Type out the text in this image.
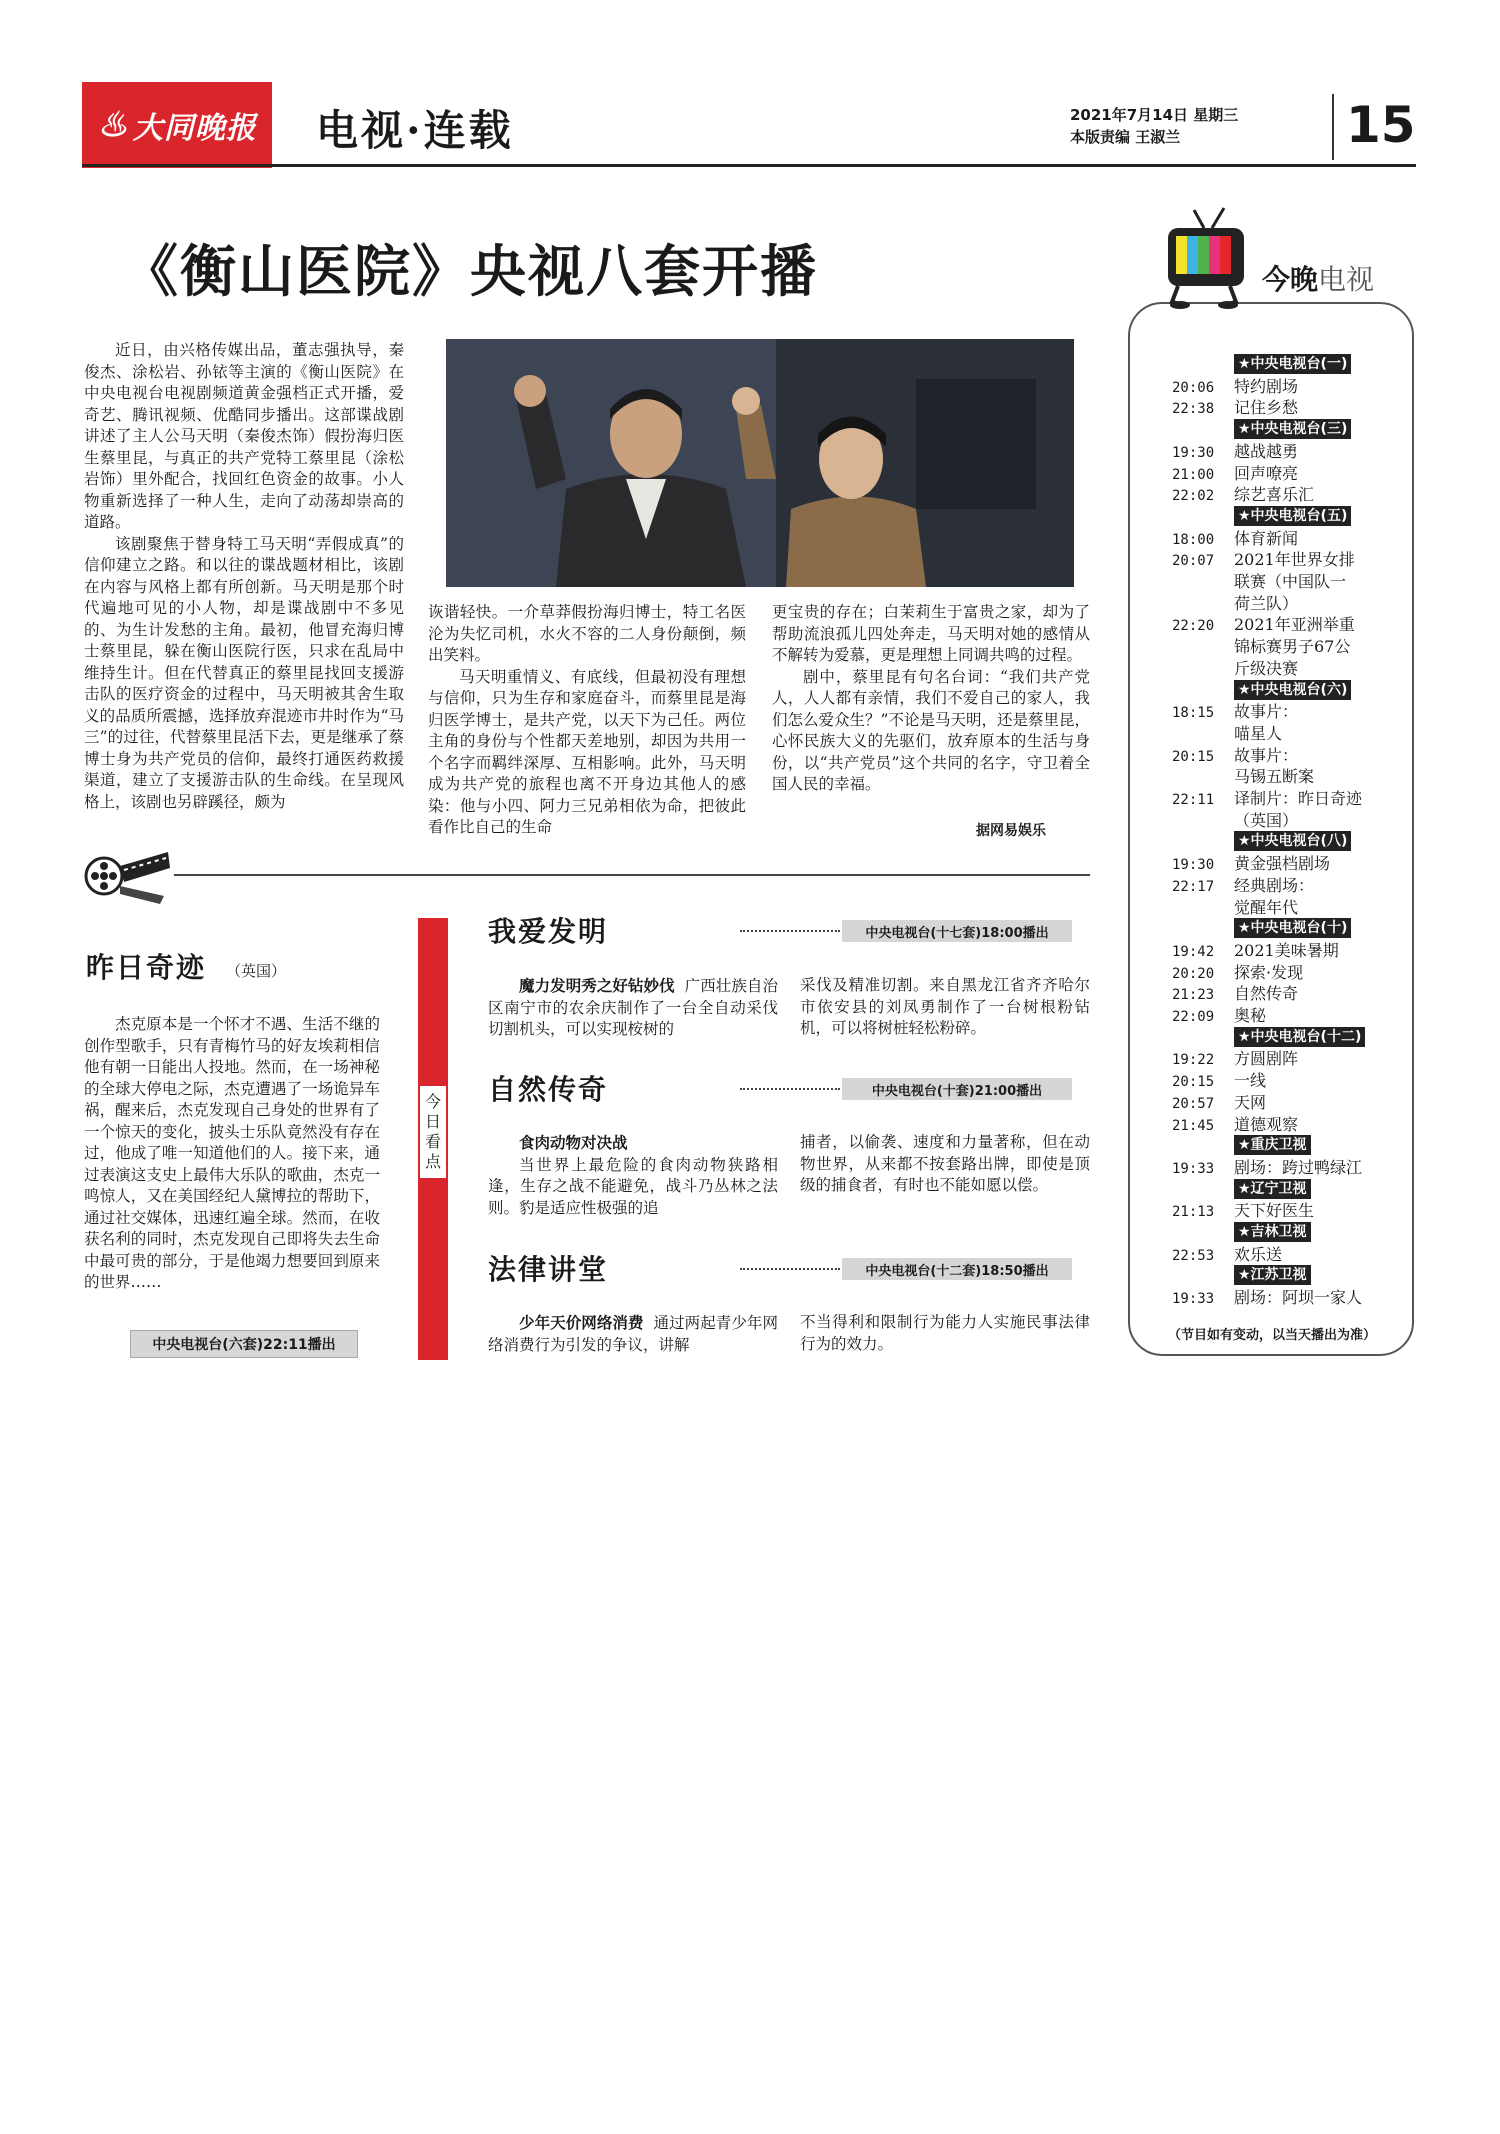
♨ 大同晚报 电视·连载	2021年7月14日 星期三
本版责编 王淑兰	15
《衡山医院》央视八套开播

近日，由兴格传媒出品，董志强执导，秦俊杰、涂松岩、孙铱等主演的《衡山医院》在中央电视台电视剧频道黄金强档正式开播，爱奇艺、腾讯视频、优酷同步播出。这部谍战剧讲述了主人公马天明（秦俊杰饰）假扮海归医生蔡里昆，与真正的共产党特工蔡里昆（涂松岩饰）里外配合，找回红色资金的故事。小人物重新选择了一种人生，走向了动荡却崇高的道路。

该剧聚焦于替身特工马天明“弄假成真”的信仰建立之路。和以往的谍战题材相比，该剧在内容与风格上都有所创新。马天明是那个时代遍地可见的小人物，却是谍战剧中不多见的、为生计发愁的主角。最初，他冒充海归博士蔡里昆，躲在衡山医院行医，只求在乱局中维持生计。但在代替真正的蔡里昆找回支援游击队的医疗资金的过程中，马天明被其舍生取义的品质所震撼，选择放弃混迹市井时作为“马三”的过往，代替蔡里昆活下去，更是继承了蔡博士身为共产党员的信仰，最终打通医药救援渠道，建立了支援游击队的生命线。在呈现风格上，该剧也另辟蹊径，颇为

诙谐轻快。一介草莽假扮海归博士，特工名医沦为失忆司机，水火不容的二人身份颠倒，频出笑料。

马天明重情义、有底线，但最初没有理想与信仰，只为生存和家庭奋斗，而蔡里昆是海归医学博士，是共产党，以天下为己任。两位主角的身份与个性都天差地别，却因为共用一个名字而羁绊深厚、互相影响。此外，马天明成为共产党的旅程也离不开身边其他人的感染：他与小四、阿力三兄弟相依为命，把彼此看作比自己的生命

更宝贵的存在；白茉莉生于富贵之家，却为了帮助流浪孤儿四处奔走，马天明对她的感情从不解转为爱慕，更是理想上同调共鸣的过程。

剧中，蔡里昆有句名台词：“我们共产党人，人人都有亲情，我们不爱自己的家人，我们怎么爱众生？”不论是马天明，还是蔡里昆，心怀民族大义的先驱们，放弃原本的生活与身份，以“共产党员”这个共同的名字，守卫着全国人民的幸福。

据网易娱乐
昨日奇迹 （英国）

杰克原本是一个怀才不遇、生活不继的创作型歌手，只有青梅竹马的好友埃莉相信他有朝一日能出人投地。然而，在一场神秘的全球大停电之际，杰克遭遇了一场诡异车祸，醒来后，杰克发现自己身处的世界有了一个惊天的变化，披头士乐队竟然没有存在过，他成了唯一知道他们的人。接下来，通过表演这支史上最伟大乐队的歌曲，杰克一鸣惊人，又在美国经纪人黛博拉的帮助下，通过社交媒体，迅速红遍全球。然而，在收获名利的同时，杰克发现自己即将失去生命中最可贵的部分，于是他竭力想要回到原来的世界……

中央电视台(六套)22:11播出
今日看点
我爱发明	中央电视台(十七套)18:00播出

魔力发明秀之好钻妙伐 广西壮族自治区南宁市的农余庆制作了一台全自动采伐切割机头，可以实现桉树的

采伐及精准切割。来自黑龙江省齐齐哈尔市依安县的刘凤勇制作了一台树根粉钻机，可以将树桩轻松粉碎。
自然传奇	中央电视台(十套)21:00播出

食肉动物对决战

当世界上最危险的食肉动物狭路相逢，生存之战不能避免，战斗乃丛林之法则。豹是适应性极强的追

捕者，以偷袭、速度和力量著称，但在动物世界，从来都不按套路出牌，即使是顶级的捕食者，有时也不能如愿以偿。
法律讲堂	中央电视台(十二套)18:50播出

少年天价网络消费 通过两起青少年网络消费行为引发的争议，讲解

不当得利和限制行为能力人实施民事法律行为的效力。
今晚电视
★中央电视台(一)
20:06 特约剧场
22:38 记住乡愁
★中央电视台(三)
19:30 越战越勇
21:00 回声嘹亮
22:02 综艺喜乐汇
★中央电视台(五)
18:00 体育新闻
20:07 2021年世界女排
联赛（中国队一
荷兰队）
22:20 2021年亚洲举重
锦标赛男子67公
斤级决赛
★中央电视台(六)
18:15 故事片：
喵星人
20:15 故事片：
马锡五断案
22:11 译制片：昨日奇迹
（英国）
★中央电视台(八)
19:30 黄金强档剧场
22:17 经典剧场：
觉醒年代
★中央电视台(十)
19:42 2021美味暑期
20:20 探索·发现
21:23 自然传奇
22:09 奥秘
★中央电视台(十二)
19:22 方圆剧阵
20:15 一线
20:57 天网
21:45 道德观察
★重庆卫视
19:33 剧场：跨过鸭绿江
★辽宁卫视
21:13 天下好医生
★吉林卫视
22:53 欢乐送
★江苏卫视
19:33 剧场：阿坝一家人
（节目如有变动，以当天播出为准）
